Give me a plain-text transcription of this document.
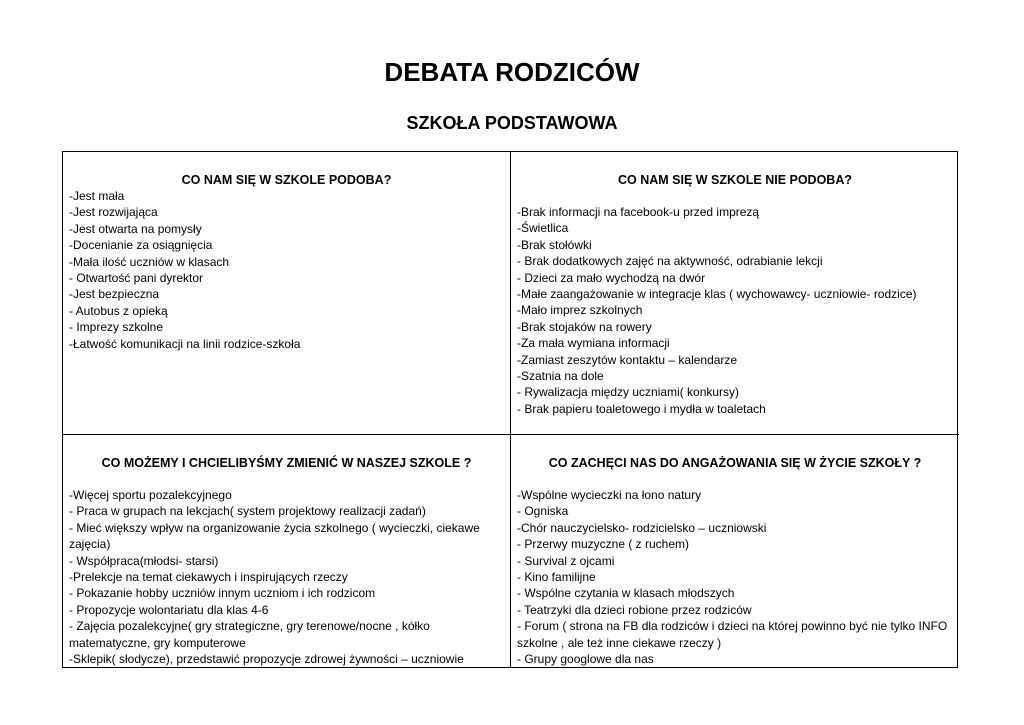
DEBATA RODZICÓW
SZKOŁA PODSTAWOWA

CO NAM SIĘ W SZKOLE PODOBA?

-Jest mała
-Jest rozwijająca
-Jest otwarta na pomysły
-Docenianie za osiągnięcia
-Mała ilość uczniów w klasach
- Otwartość pani dyrektor
-Jest bezpieczna
- Autobus z opieką
- Imprezy szkolne
-Łatwość komunikacji na linii rodzice-szkoła

CO NAM SIĘ W SZKOLE NIE PODOBA?

-Brak informacji na facebook-u przed imprezą
-Świetlica
-Brak stołówki
- Brak dodatkowych zajęć na aktywność, odrabianie lekcji
- Dzieci za mało wychodzą na dwór
-Małe zaangażowanie w integracje klas ( wychowawcy- uczniowie- rodzice)
-Mało imprez szkolnych
-Brak stojaków na rowery
-Za mała wymiana informacji
-Zamiast zeszytów kontaktu – kalendarze
-Szatnia na dole
- Rywalizacja między uczniami( konkursy)
- Brak papieru toaletowego i mydła w toaletach

CO MOŻEMY I CHCIELIBYŚMY ZMIENIĆ W NASZEJ SZKOLE ?

-Więcej sportu pozalekcyjnego
- Praca w grupach na lekcjach( system projektowy realizacji zadań)
- Mieć większy wpływ na organizowanie życia szkolnego ( wycieczki, ciekawe zajęcia)
- Współpraca(młodsi- starsi)
-Prelekcje na temat ciekawych i inspirujących rzeczy
- Pokazanie hobby uczniów innym uczniom i ich rodzicom
- Propozycje wolontariatu dla klas 4-6
- Zajęcia pozalekcyjne( gry strategiczne, gry terenowe/nocne , kółko matematyczne, gry komputerowe
-Sklepik( słodycze), przedstawić propozycje zdrowej żywności – uczniowie

CO ZACHĘCI NAS DO ANGAŻOWANIA SIĘ W ŻYCIE SZKOŁY ?

-Wspólne wycieczki na łono natury
- Ogniska
-Chór nauczycielsko- rodzicielsko – uczniowski
- Przerwy muzyczne ( z ruchem)
- Survival z ojcami
- Kino familijne
- Wspólne czytania w klasach młodszych
- Teatrzyki dla dzieci robione przez rodziców
- Forum ( strona na FB dla rodziców i dzieci na której powinno być nie tylko INFO szkolne , ale też inne ciekawe rzeczy )
- Grupy googlowe dla nas
